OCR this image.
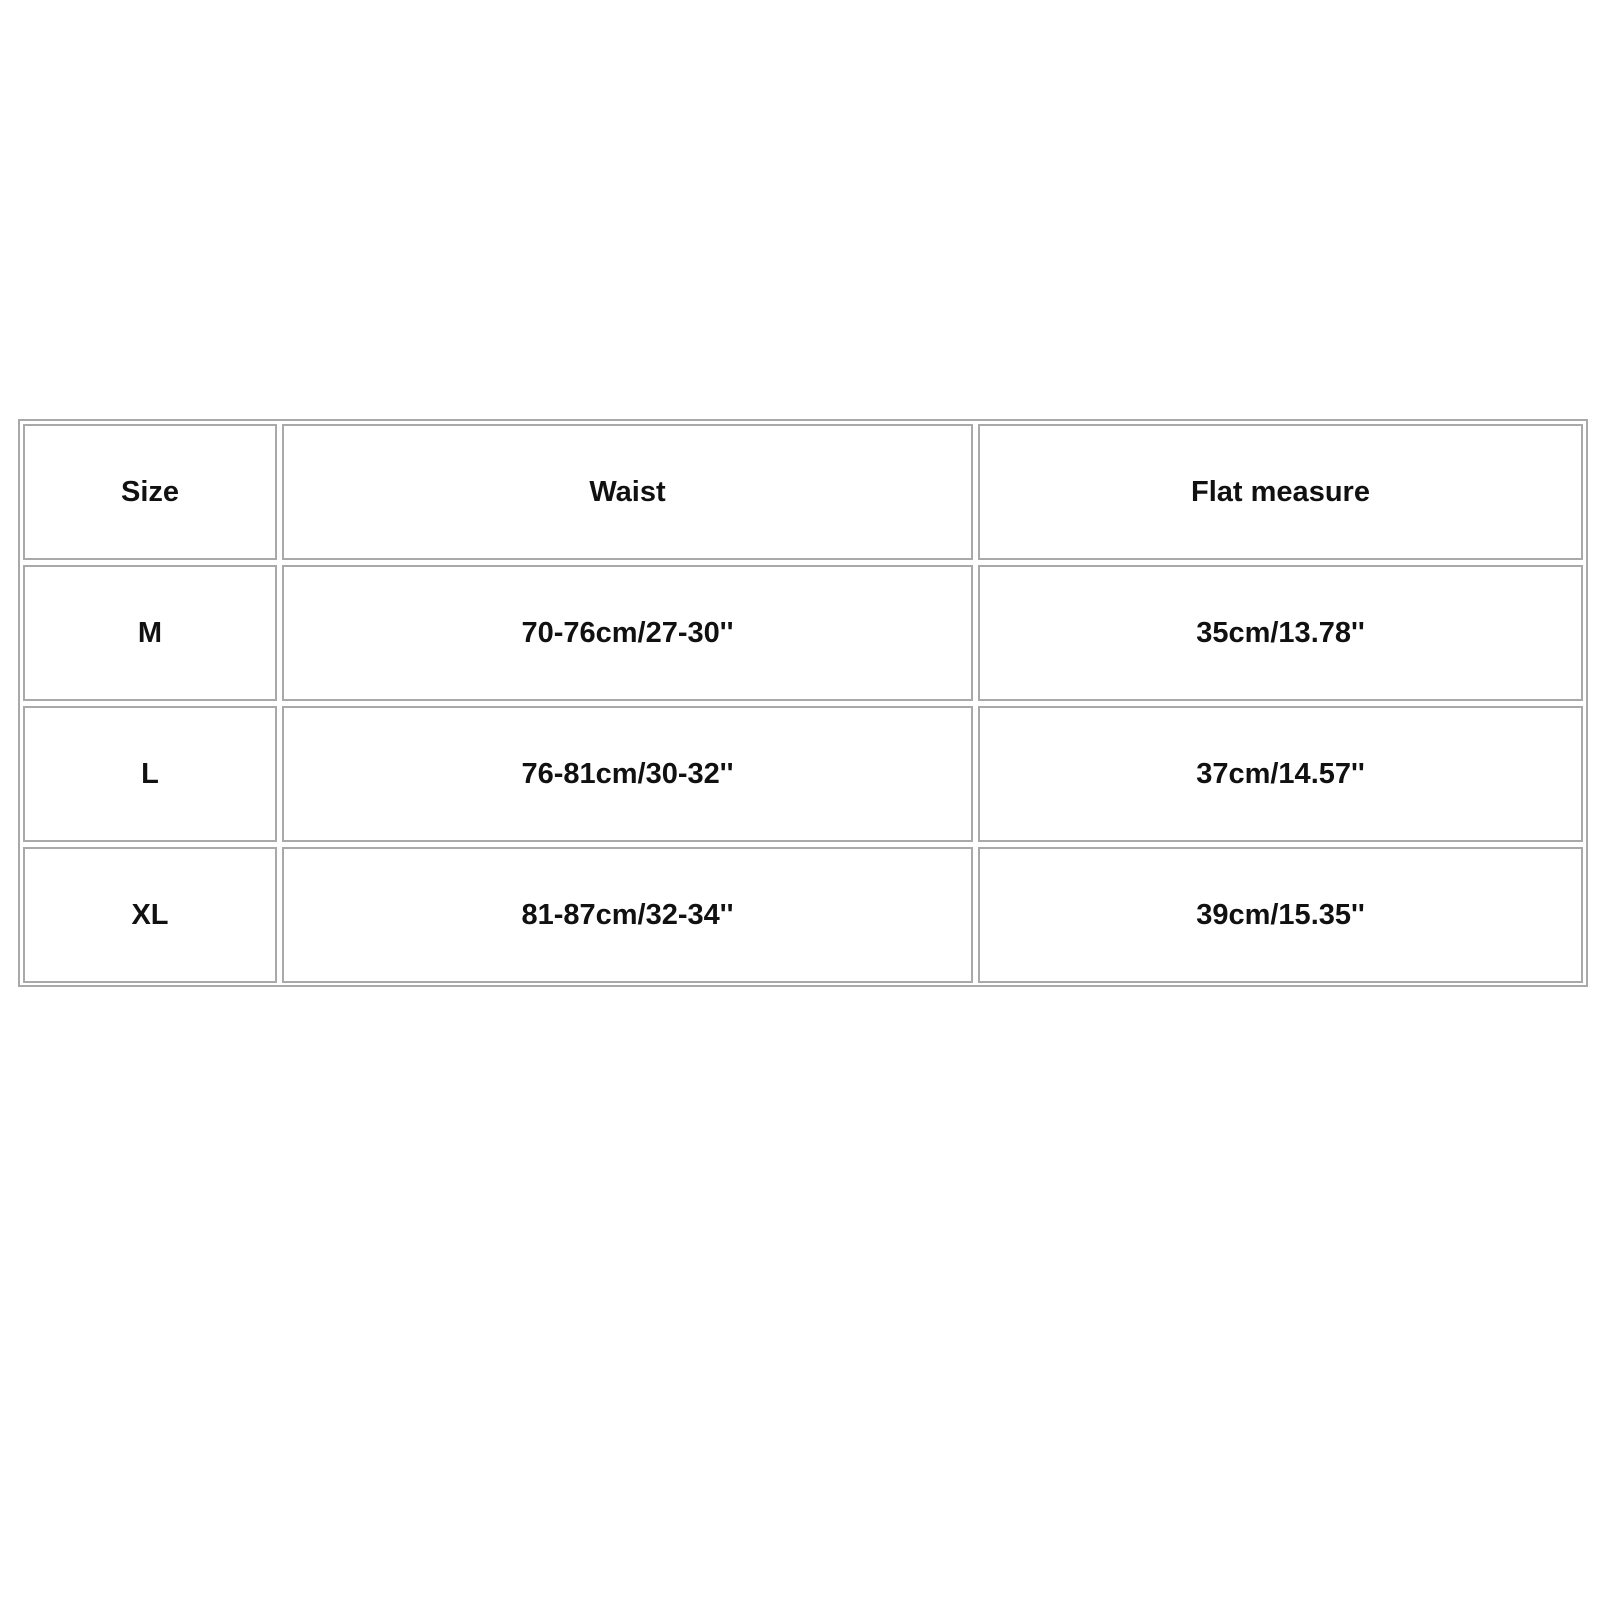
Size	Waist	Flat measure
M	70-76cm/27-30''	35cm/13.78''
L	76-81cm/30-32''	37cm/14.57''
XL	81-87cm/32-34''	39cm/15.35''
